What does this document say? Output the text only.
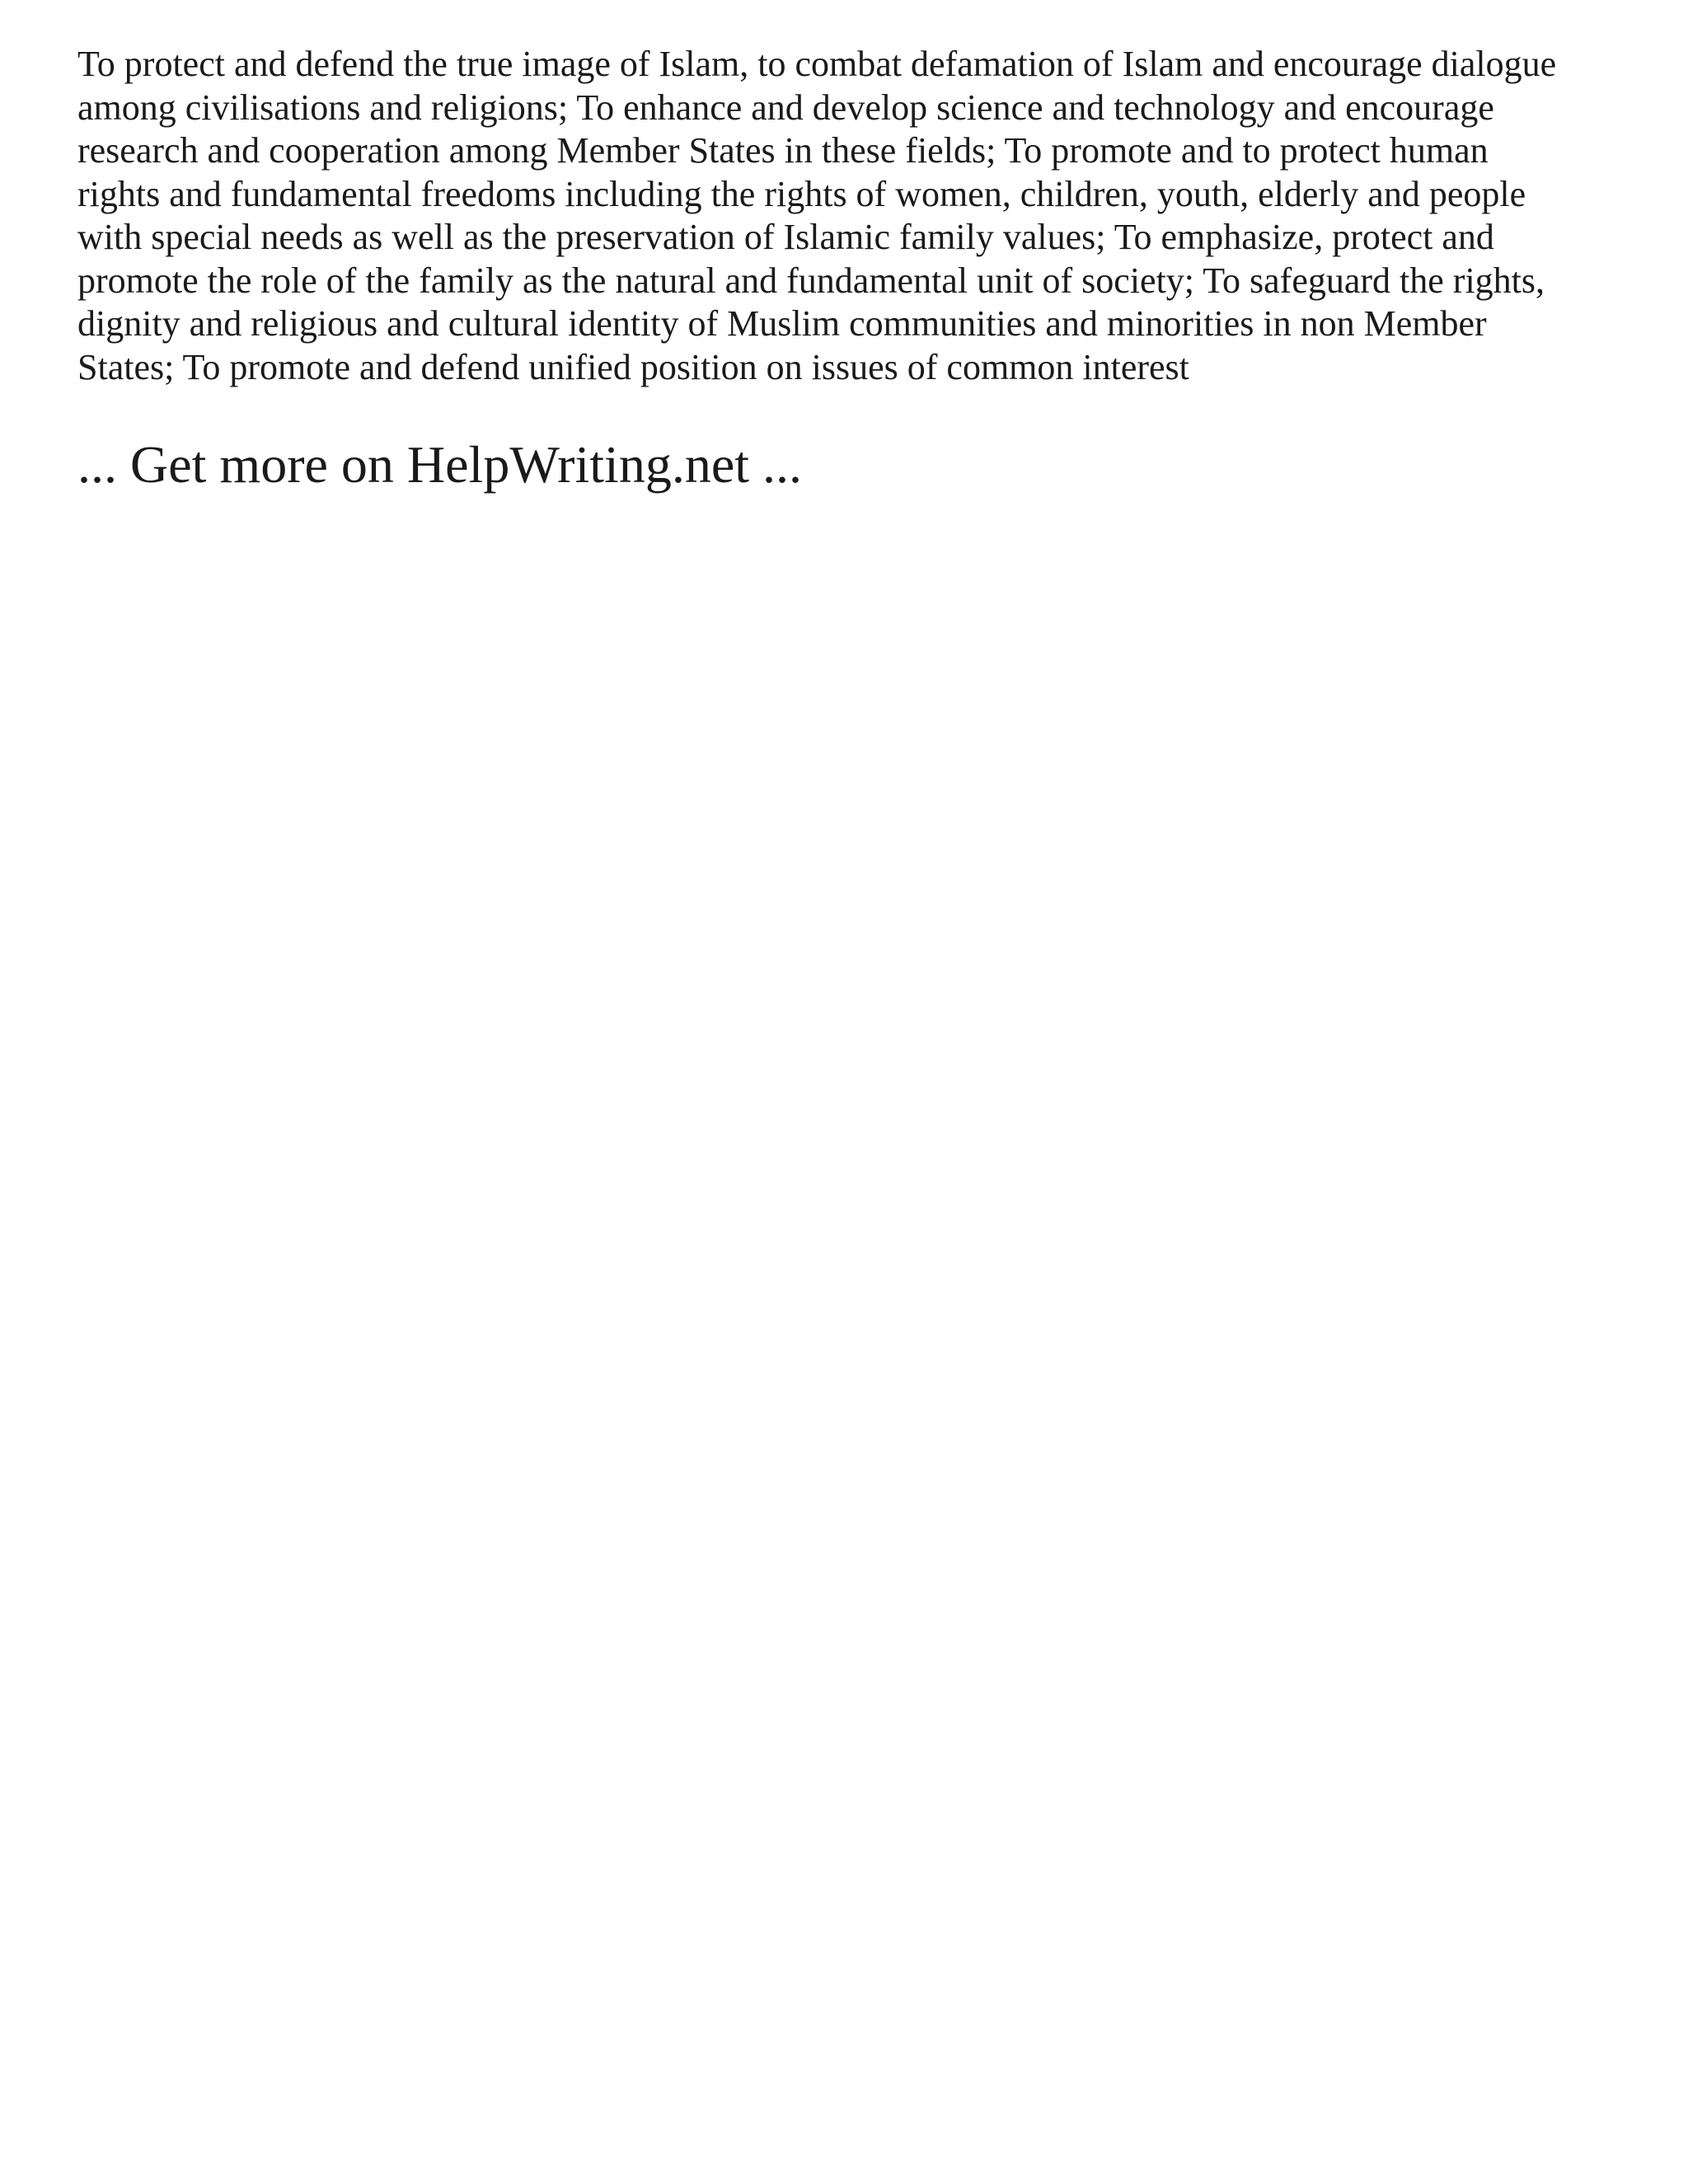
To protect and defend the true image of Islam, to combat defamation of Islam and encourage dialogue
among civilisations and religions; To enhance and develop science and technology and encourage
research and cooperation among Member States in these fields; To promote and to protect human
rights and fundamental freedoms including the rights of women, children, youth, elderly and people
with special needs as well as the preservation of Islamic family values; To emphasize, protect and
promote the role of the family as the natural and fundamental unit of society; To safeguard the rights,
dignity and religious and cultural identity of Muslim communities and minorities in non Member
States; To promote and defend unified position on issues of common interest

... Get more on HelpWriting.net ...
